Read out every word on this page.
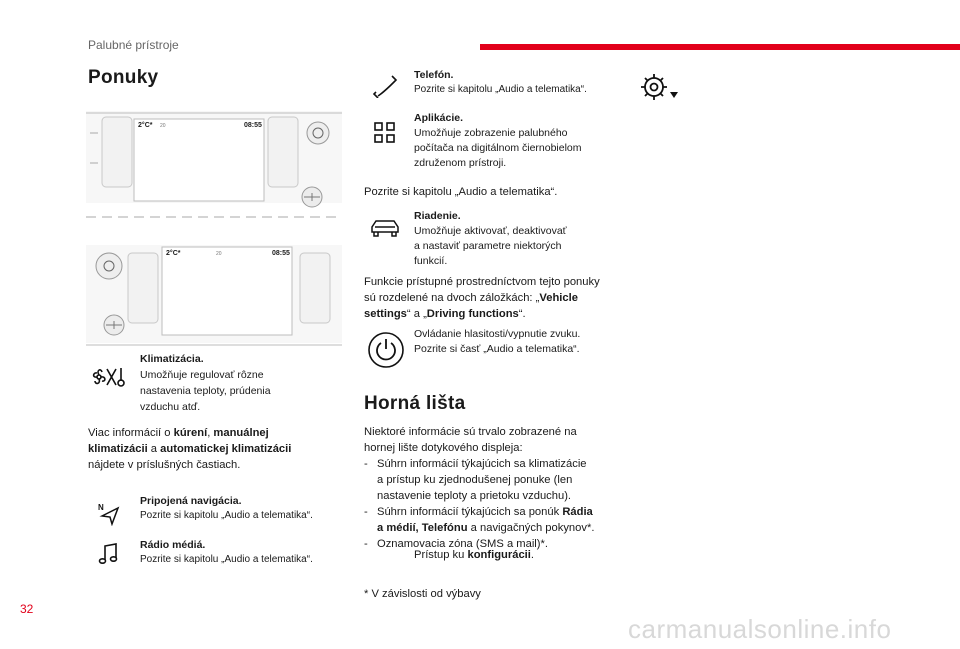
Palubné prístroje
Ponuky
2°C* 20	08:55
2°C*	20	08:55
Klimatizácia.
Umožňuje regulovať rôzne
nastavenia teploty, prúdenia
vzduchu atď.
Viac informácií o kúrení, manuálnej
klimatizácii a automatickej klimatizácii
nájdete v príslušných častiach.
N
Pripojená navigácia.
Pozrite si kapitolu „Audio a telematika“.
Rádio médiá.
Pozrite si kapitolu „Audio a telematika“.
Telefón.
Pozrite si kapitolu „Audio a telematika“.
Aplikácie.
Umožňuje zobrazenie palubného
počítača na digitálnom čiernobielom
združenom prístroji.
Pozrite si kapitolu „Audio a telematika“.
Riadenie.
Umožňuje aktivovať, deaktivovať
a nastaviť parametre niektorých
funkcií.
Funkcie prístupné prostredníctvom tejto ponuky
sú rozdelené na dvoch záložkách: „Vehicle
settings“ a „Driving functions“.
Ovládanie hlasitosti/vypnutie zvuku.
Pozrite si časť „Audio a telematika“.
Horná lišta
Niektoré informácie sú trvalo zobrazené na
hornej lište dotykového displeja:
- Súhrn informácií týkajúcich sa klimatizácie
a prístup ku zjednodušenej ponuke (len
nastavenie teploty a prietoku vzduchu).
- Súhrn informácií týkajúcich sa ponúk Rádia
a médií, Telefónu a navigačných pokynov*.
- Oznamovacia zóna (SMS a mail)*.
Prístup ku konfigurácii.
* V závislosti od výbavy
32
carmanualsonline.info
